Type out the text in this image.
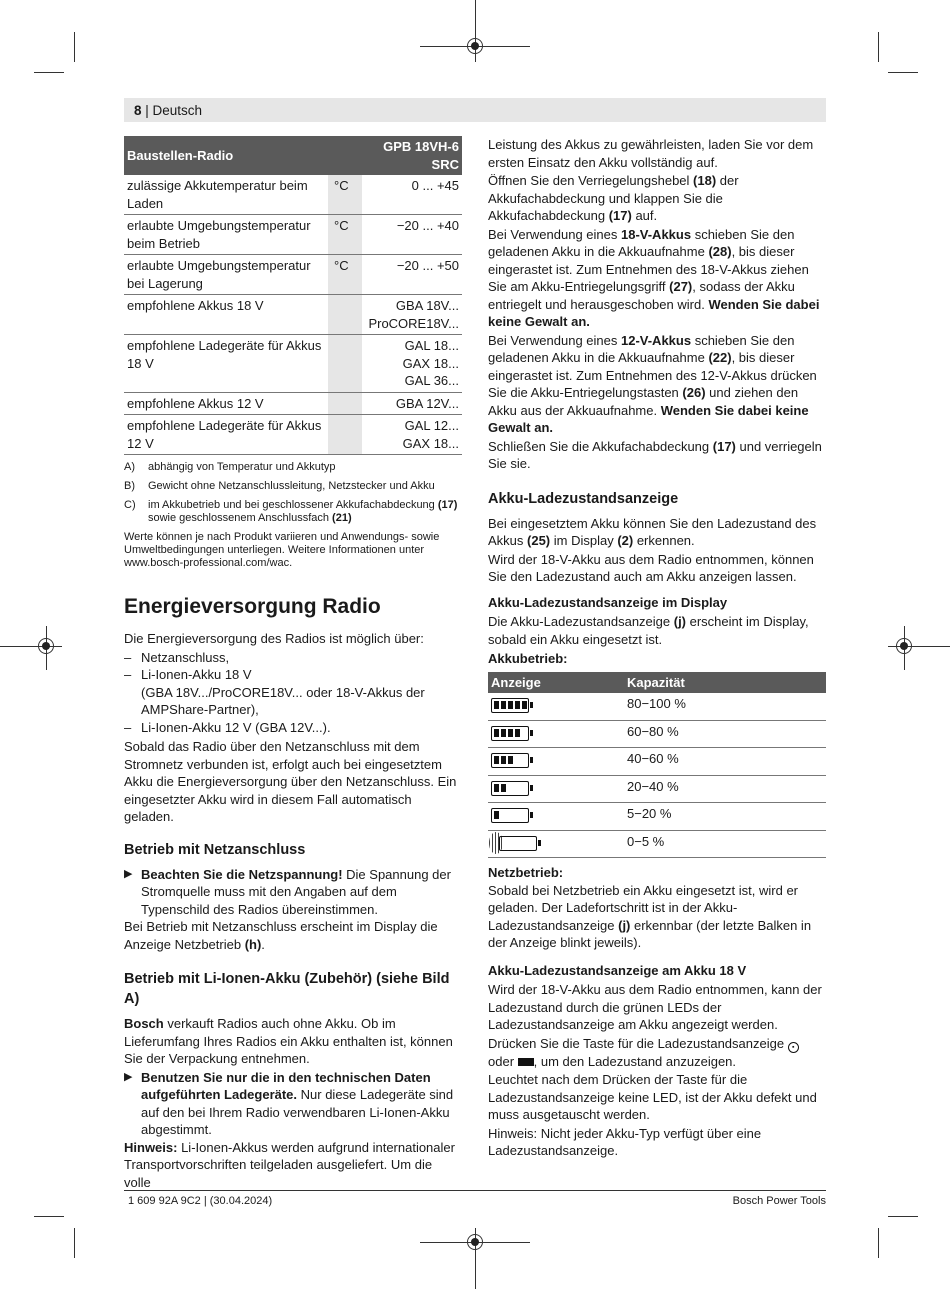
8 | Deutsch
Baustellen-Radio		GPB 18VH-6 SRC
zulässige Akkutemperatur beim Laden	°C	0 ... +45
erlaubte Umgebungstemperatur beim Betrieb	°C	−20 ... +40
erlaubte Umgebungstemperatur bei Lagerung	°C	−20 ... +50
empfohlene Akkus 18 V		GBA 18V...
ProCORE18V...
empfohlene Ladegeräte für Akkus 18 V		GAL 18...
GAX 18...
GAL 36...
empfohlene Akkus 12 V		GBA 12V...
empfohlene Ladegeräte für Akkus 12 V		GAL 12...
GAX 18...
A)	abhängig von Temperatur und Akkutyp
B)	Gewicht ohne Netzanschlussleitung, Netzstecker und Akku
C)	im Akkubetrieb und bei geschlossener Akkufachabdeckung (17) sowie geschlossenem Anschlussfach (21)
Werte können je nach Produkt variieren und Anwendungs- sowie Umweltbedingungen unterliegen. Weitere Informationen unter www.bosch-professional.com/wac.
Energieversorgung Radio

Die Energieversorgung des Radios ist möglich über:

– Netzanschluss,
– Li-Ionen-Akku 18 V
(GBA 18V.../ProCORE18V... oder 18-V-Akkus der AMPShare-Partner),
– Li-Ionen-Akku 12 V (GBA 12V...).

Sobald das Radio über den Netzanschluss mit dem Stromnetz verbunden ist, erfolgt auch bei eingesetztem Akku die Energieversorgung über den Netzanschluss. Ein eingesetzter Akku wird in diesem Fall automatisch geladen.

Betrieb mit Netzanschluss
▶ Beachten Sie die Netzspannung! Die Spannung der Stromquelle muss mit den Angaben auf dem Typenschild des Radios übereinstimmen.

Bei Betrieb mit Netzanschluss erscheint im Display die Anzeige Netzbetrieb (h).

Betrieb mit Li-Ionen-Akku (Zubehör) (siehe Bild A)

Bosch verkauft Radios auch ohne Akku. Ob im Lieferumfang Ihres Radios ein Akku enthalten ist, können Sie der Verpackung entnehmen.

▶ Benutzen Sie nur die in den technischen Daten aufgeführten Ladegeräte. Nur diese Ladegeräte sind auf den bei Ihrem Radio verwendbaren Li-Ionen-Akku abgestimmt.

Hinweis: Li-Ionen-Akkus werden aufgrund internationaler Transportvorschriften teilgeladen ausgeliefert. Um die volle

Leistung des Akkus zu gewährleisten, laden Sie vor dem ersten Einsatz den Akku vollständig auf.

Öffnen Sie den Verriegelungshebel (18) der Akkufachabdeckung und klappen Sie die Akkufachabdeckung (17) auf.

Bei Verwendung eines 18-V-Akkus schieben Sie den geladenen Akku in die Akkuaufnahme (28), bis dieser eingerastet ist. Zum Entnehmen des 18-V-Akkus ziehen Sie am Akku-Entriegelungsgriff (27), sodass der Akku entriegelt und herausgeschoben wird. Wenden Sie dabei keine Gewalt an.

Bei Verwendung eines 12-V-Akkus schieben Sie den geladenen Akku in die Akkuaufnahme (22), bis dieser eingerastet ist. Zum Entnehmen des 12-V-Akkus drücken Sie die Akku-Entriegelungstasten (26) und ziehen den Akku aus der Akkuaufnahme. Wenden Sie dabei keine Gewalt an.

Schließen Sie die Akkufachabdeckung (17) und verriegeln Sie sie.

Akku-Ladezustandsanzeige

Bei eingesetztem Akku können Sie den Ladezustand des Akkus (25) im Display (2) erkennen.

Wird der 18-V-Akku aus dem Radio entnommen, können Sie den Ladezustand auch am Akku anzeigen lassen.

Akku-Ladezustandsanzeige im Display

Die Akku-Ladezustandsanzeige (j) erscheint im Display, sobald ein Akku eingesetzt ist.

Akkubetrieb:
Anzeige	Kapazität

	80−100 %

	60−80 %

	40−60 %

	20−40 %

	5−20 %

	0−5 %
Netzbetrieb:

Sobald bei Netzbetrieb ein Akku eingesetzt ist, wird er geladen. Der Ladefortschritt ist in der Akku-Ladezustandsanzeige (j) erkennbar (der letzte Balken in der Anzeige blinkt jeweils).

Akku-Ladezustandsanzeige am Akku 18 V

Wird der 18-V-Akku aus dem Radio entnommen, kann der Ladezustand durch die grünen LEDs der Ladezustandsanzeige am Akku angezeigt werden.

Drücken Sie die Taste für die Ladezustandsanzeige ▪ oder , um den Ladezustand anzuzeigen.

Leuchtet nach dem Drücken der Taste für die Ladezustandsanzeige keine LED, ist der Akku defekt und muss ausgetauscht werden.

Hinweis: Nicht jeder Akku-Typ verfügt über eine Ladezustandsanzeige.

1 609 92A 9C2 | (30.04.2024)	Bosch Power Tools
